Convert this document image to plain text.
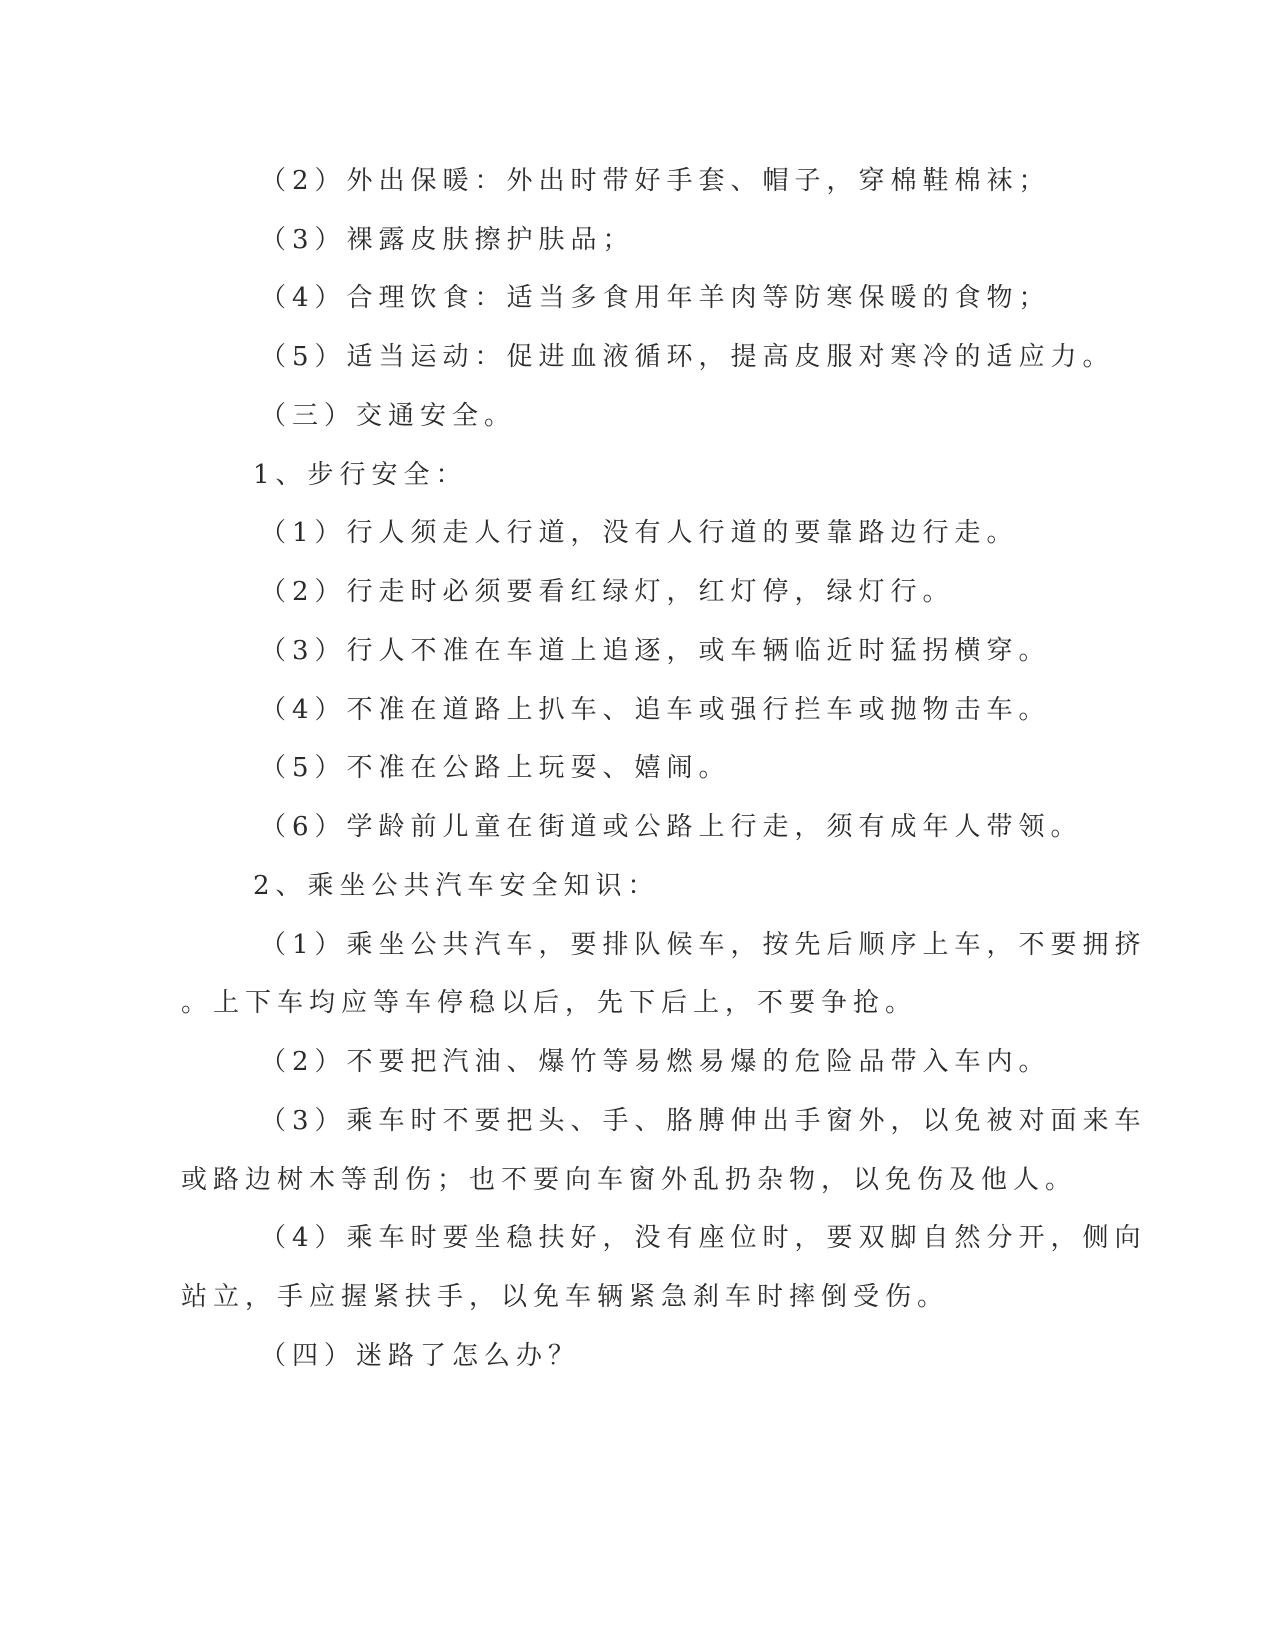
（2）外出保暖：外出时带好手套、帽子，穿棉鞋棉袜；
（3）裸露皮肤擦护肤品；
（4）合理饮食：适当多食用年羊肉等防寒保暖的食物；
（5）适当运动：促进血液循环，提高皮服对寒冷的适应力。
（三）交通安全。
1、步行安全：
（1）行人须走人行道，没有人行道的要靠路边行走。
（2）行走时必须要看红绿灯，红灯停，绿灯行。
（3）行人不准在车道上追逐，或车辆临近时猛拐横穿。
（4）不准在道路上扒车、追车或强行拦车或抛物击车。
（5）不准在公路上玩耍、嬉闹。
（6）学龄前儿童在街道或公路上行走，须有成年人带领。
2、乘坐公共汽车安全知识：
（1）乘坐公共汽车，要排队候车，按先后顺序上车，不要拥挤
。上下车均应等车停稳以后，先下后上，不要争抢。
（2）不要把汽油、爆竹等易燃易爆的危险品带入车内。
（3）乘车时不要把头、手、胳膊伸出手窗外，以免被对面来车
或路边树木等刮伤；也不要向车窗外乱扔杂物，以免伤及他人。
（4）乘车时要坐稳扶好，没有座位时，要双脚自然分开，侧向
站立，手应握紧扶手，以免车辆紧急刹车时摔倒受伤。
（四）迷路了怎么办？
